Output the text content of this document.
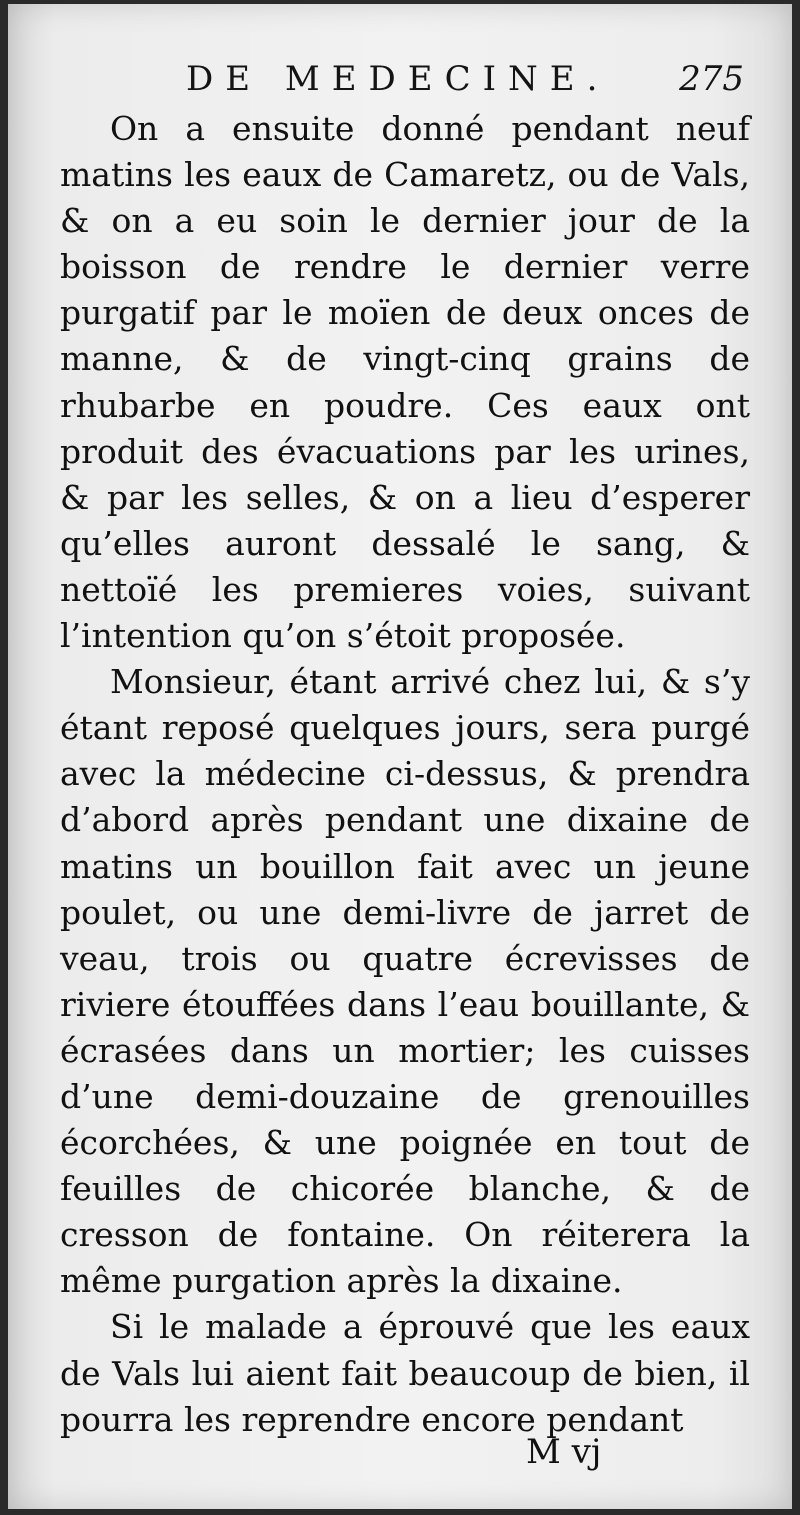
DE MEDECINE. 275

On a ensuite donné pendant neuf matins les eaux de Camaretz, ou de Vals, & on a eu soin le dernier jour de la boisson de rendre le dernier verre purgatif par le moïen de deux onces de manne, & de vingt-cinq grains de rhubarbe en poudre. Ces eaux ont produit des évacuations par les urines, & par les selles, & on a lieu d’esperer qu’elles auront dessalé le sang, & nettoïé les premieres voies, suivant l’intention qu’on s’étoit proposée.

Monsieur, étant arrivé chez lui, & s’y étant reposé quelques jours, sera purgé avec la médecine ci-dessus, & prendra d’abord après pendant une dixaine de matins un bouillon fait avec un jeune poulet, ou une demi-livre de jarret de veau, trois ou quatre écrevisses de riviere étouffées dans l’eau bouillante, & écrasées dans un mortier; les cuisses d’une demi-douzaine de grenouilles écorchées, & une poignée en tout de feuilles de chicorée blanche, & de cresson de fontaine. On réiterera la même purgation après la dixaine.

Si le malade a éprouvé que les eaux de Vals lui aient fait beaucoup de bien, il pourra les reprendre encore pendant

M vj
